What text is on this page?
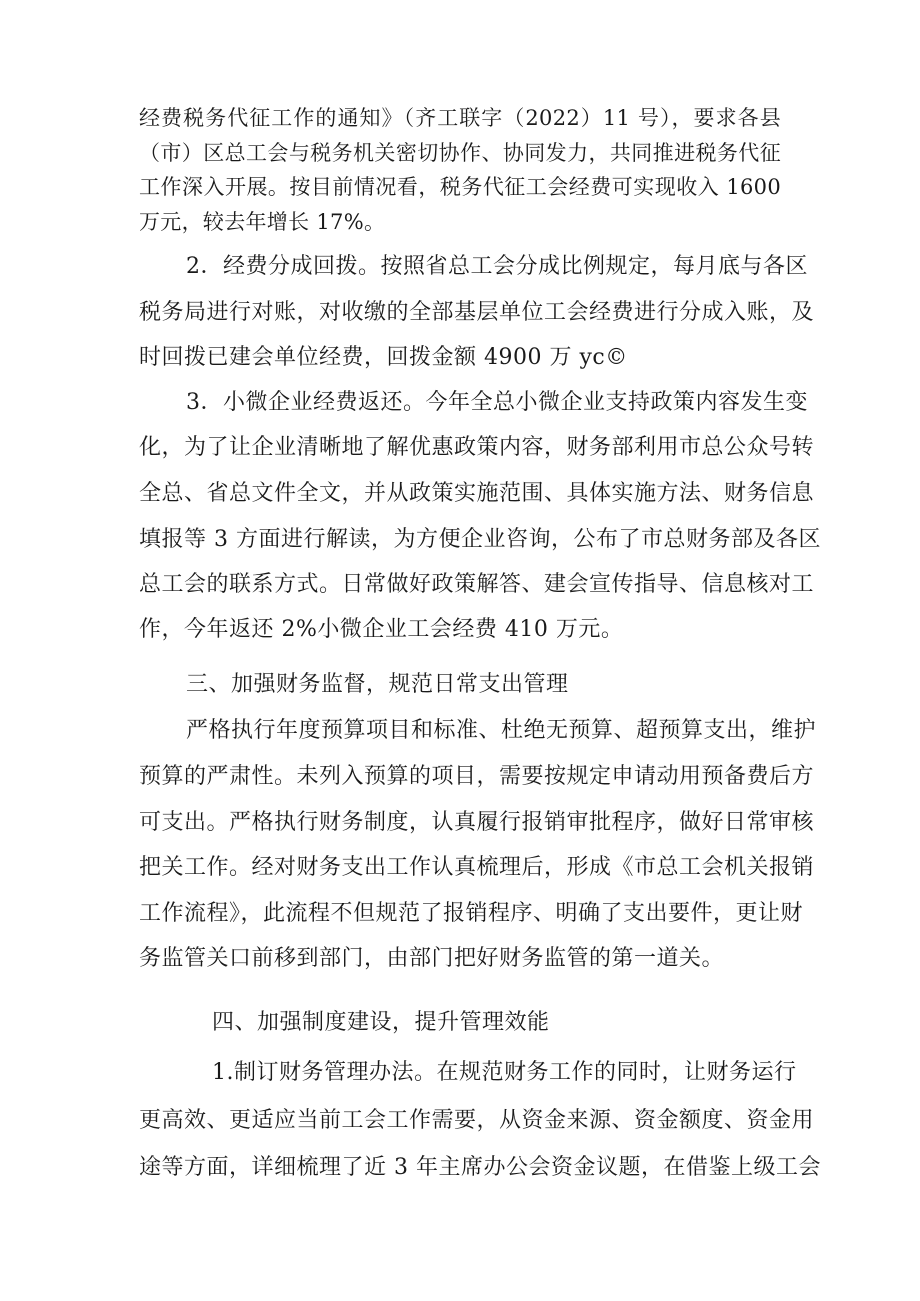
经费税务代征工作的通知》（齐工联字（2022）11 号），要求各县
（市）区总工会与税务机关密切协作、协同发力，共同推进税务代征
工作深入开展。按目前情况看，税务代征工会经费可实现收入 1600
万元，较去年增长 17%。
2．经费分成回拨。按照省总工会分成比例规定，每月底与各区
税务局进行对账，对收缴的全部基层单位工会经费进行分成入账，及
时回拨已建会单位经费，回拨金额 4900 万 yc©
3．小微企业经费返还。今年全总小微企业支持政策内容发生变
化，为了让企业清晰地了解优惠政策内容，财务部利用市总公众号转
全总、省总文件全文，并从政策实施范围、具体实施方法、财务信息
填报等 3 方面进行解读，为方便企业咨询，公布了市总财务部及各区
总工会的联系方式。日常做好政策解答、建会宣传指导、信息核对工
作，今年返还 2%小微企业工会经费 410 万元。
三、加强财务监督，规范日常支出管理
严格执行年度预算项目和标准、杜绝无预算、超预算支出，维护
预算的严肃性。未列入预算的项目，需要按规定申请动用预备费后方
可支出。严格执行财务制度，认真履行报销审批程序，做好日常审核
把关工作。经对财务支出工作认真梳理后，形成《市总工会机关报销
工作流程》，此流程不但规范了报销程序、明确了支出要件，更让财
务监管关口前移到部门，由部门把好财务监管的第一道关。
四、加强制度建设，提升管理效能
1.制订财务管理办法。在规范财务工作的同时，让财务运行
更高效、更适应当前工会工作需要，从资金来源、资金额度、资金用
途等方面，详细梳理了近 3 年主席办公会资金议题，在借鉴上级工会
